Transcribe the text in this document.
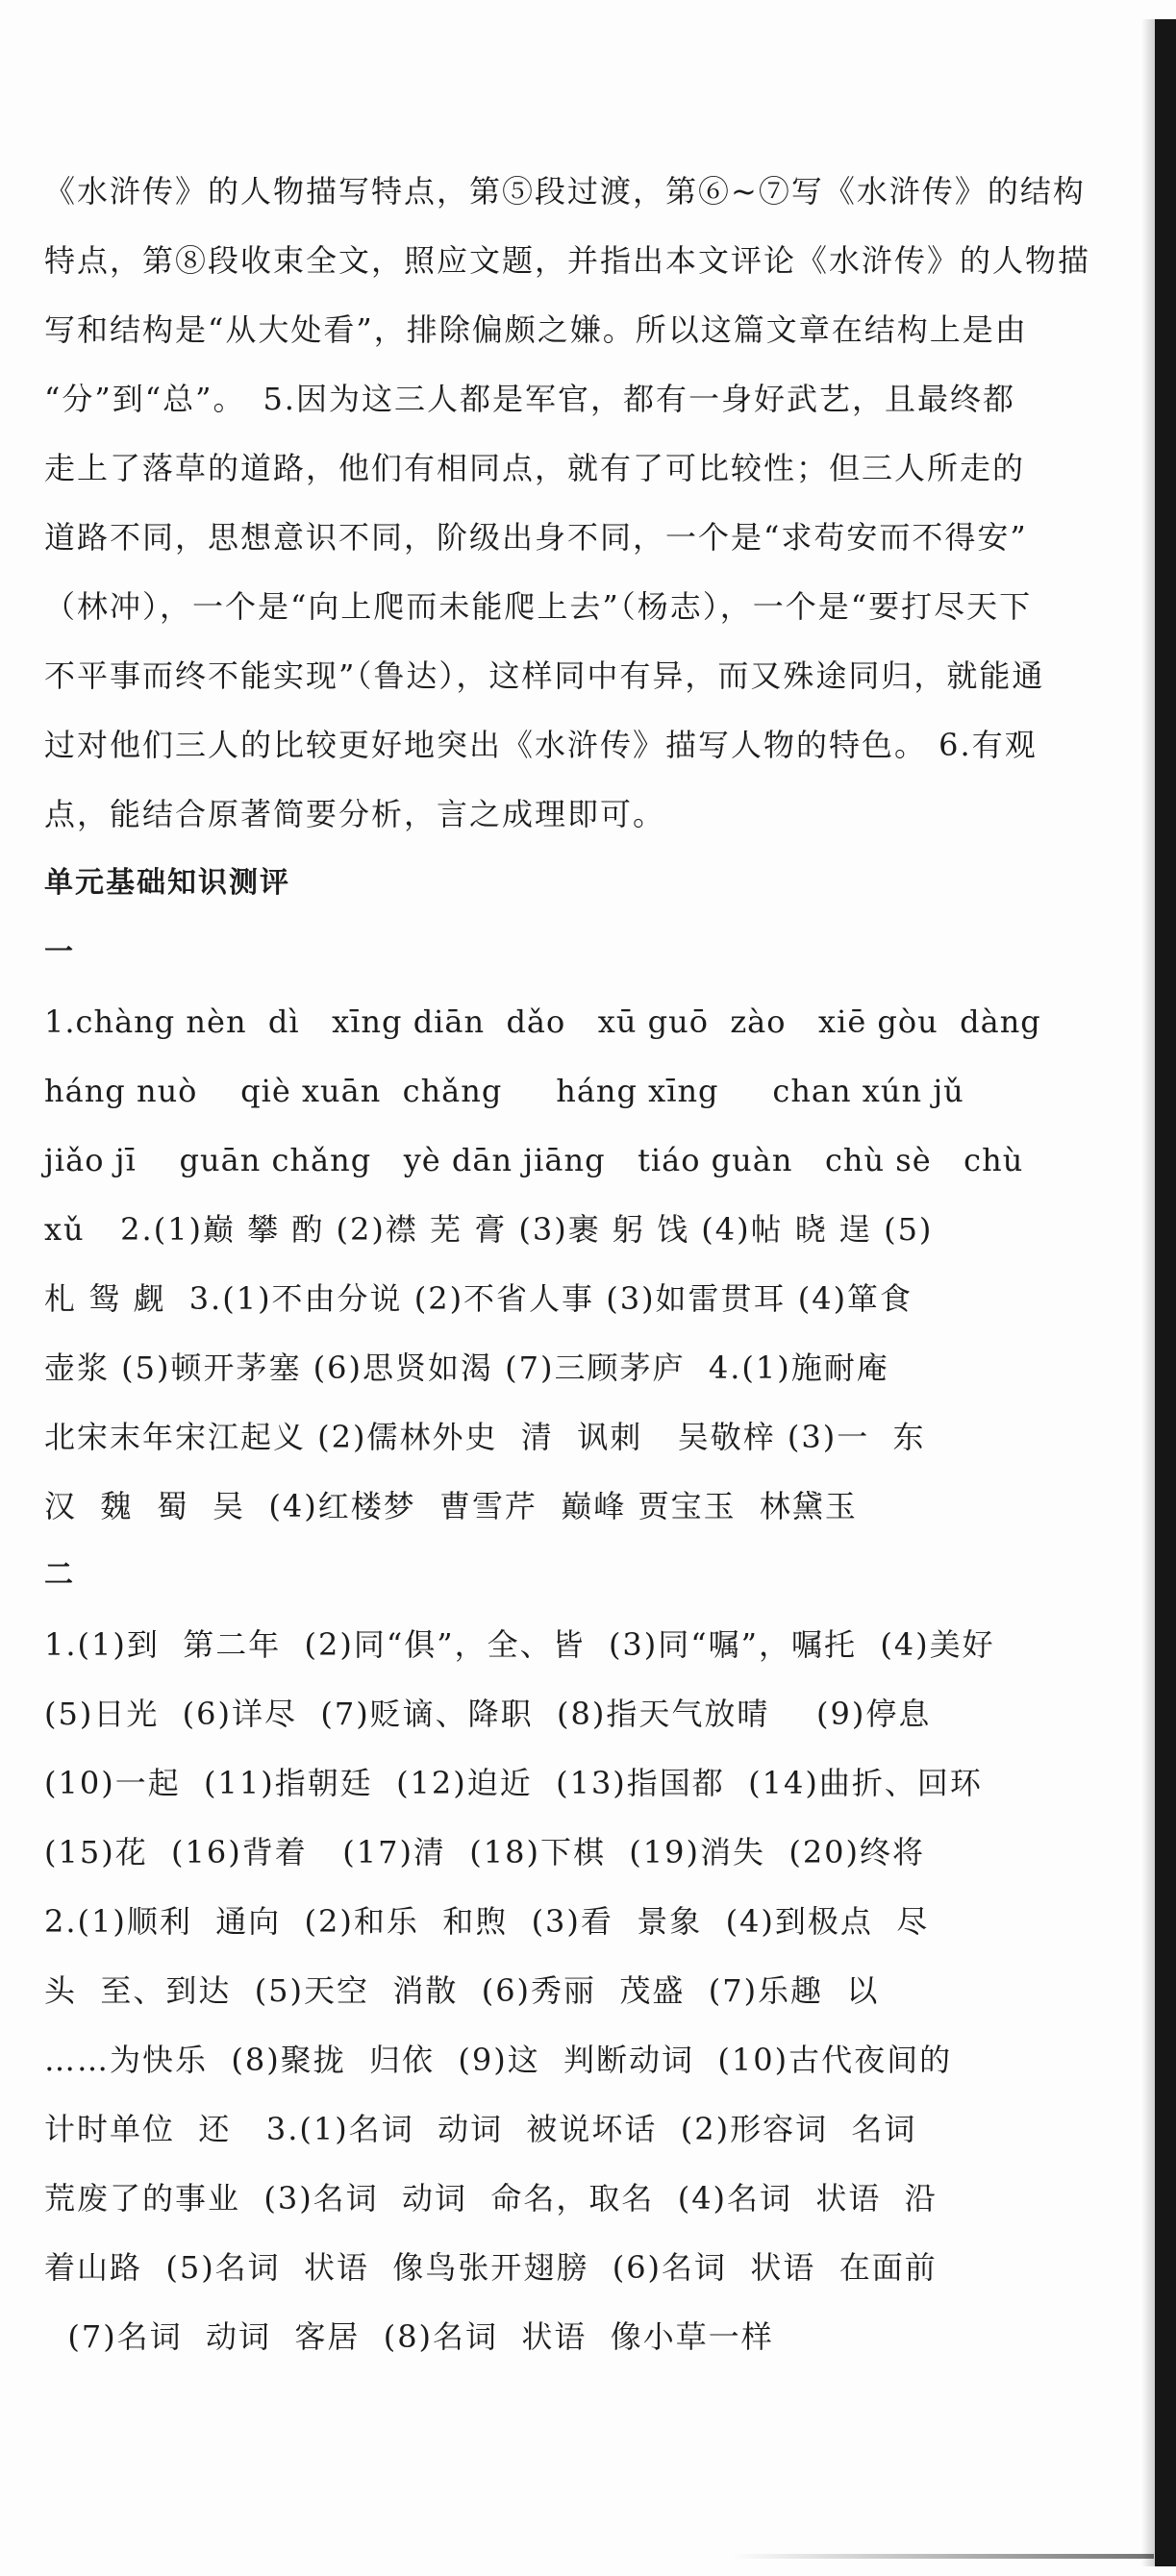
《水浒传》的人物描写特点，第⑤段过渡，第⑥~⑦写《水浒传》的结构
特点，第⑧段收束全文，照应文题，并指出本文评论《水浒传》的人物描
写和结构是“从大处看”，排除偏颇之嫌。所以这篇文章在结构上是由
“分”到“总”。　5.因为这三人都是军官，都有一身好武艺，且最终都
走上了落草的道路，他们有相同点，就有了可比较性；但三人所走的
道路不同，思想意识不同，阶级出身不同，一个是“求苟安而不得安”
（林冲），一个是“向上爬而未能爬上去”（杨志），一个是“要打尽天下
不平事而终不能实现”（鲁达），这样同中有异，而又殊途同归，就能通
过对他们三人的比较更好地突出《水浒传》描写人物的特色。 6.有观
点，能结合原著简要分析，言之成理即可。
单元基础知识测评
一
1.chàng nèn  dì   xīng diān  dǎo   xū guō  zào   xiē gòu  dàng
háng nuò    qiè xuān  chǎng     háng xīng     chan xún jǔ
jiǎo jī    guān chǎng   yè dān jiāng   tiáo guàn   chù sè   chù
xǔ   2.(1)巅 攀 酌 (2)襟 芜 膏 (3)裹 躬 饯 (4)帖 晓 逞 (5)
札 鸳 觑  3.(1)不由分说 (2)不省人事 (3)如雷贯耳 (4)箪食
壶浆 (5)顿开茅塞 (6)思贤如渴 (7)三顾茅庐  4.(1)施耐庵
北宋末年宋江起义 (2)儒林外史  清  讽刺   吴敬梓 (3)一  东
汉  魏  蜀  吴  (4)红楼梦  曹雪芹  巅峰 贾宝玉  林黛玉
二
1.(1)到  第二年  (2)同“俱”，全、皆  (3)同“嘱”，嘱托  (4)美好
(5)日光  (6)详尽  (7)贬谪、降职  (8)指天气放晴    (9)停息
(10)一起  (11)指朝廷  (12)迫近  (13)指国都  (14)曲折、回环
(15)花  (16)背着   (17)清  (18)下棋  (19)消失  (20)终将
2.(1)顺利  通向  (2)和乐  和煦  (3)看  景象  (4)到极点  尽
头  至、到达  (5)天空  消散  (6)秀丽  茂盛  (7)乐趣  以
……为快乐  (8)聚拢  归依  (9)这  判断动词  (10)古代夜间的
计时单位  还   3.(1)名词  动词  被说坏话  (2)形容词  名词
荒废了的事业  (3)名词  动词  命名，取名  (4)名词  状语  沿
着山路  (5)名词  状语  像鸟张开翅膀  (6)名词  状语  在面前
(7)名词  动词  客居  (8)名词  状语  像小草一样
